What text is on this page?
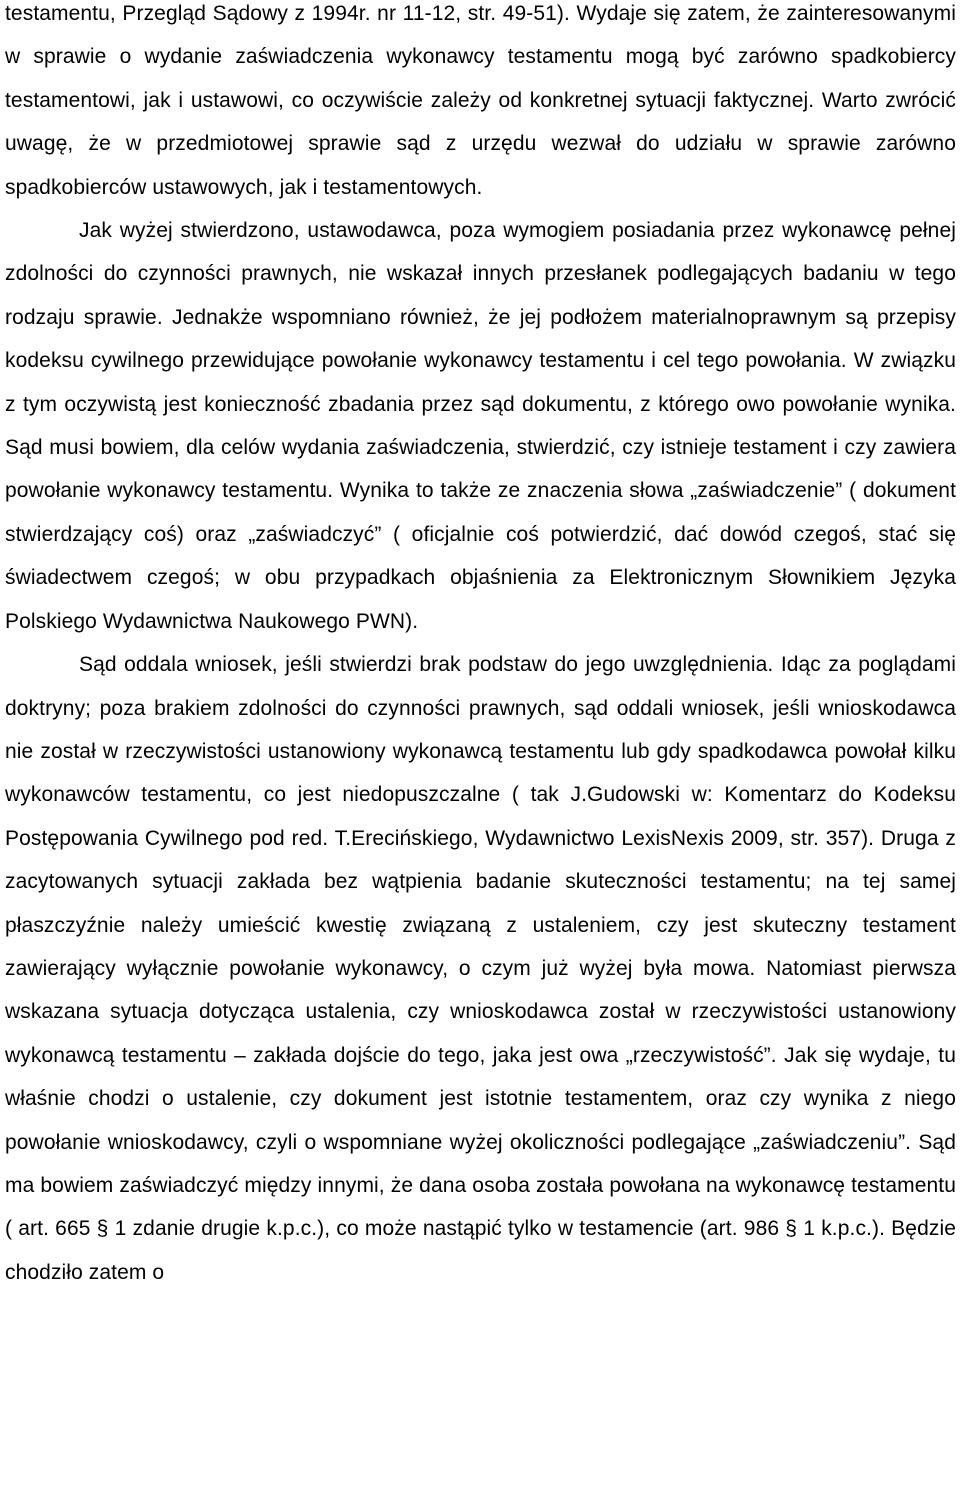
testamentu, Przegląd Sądowy z 1994r. nr 11-12, str. 49-51). Wydaje się zatem, że zainteresowanymi w sprawie o wydanie zaświadczenia wykonawcy testamentu mogą być zarówno spadkobiercy testamentowi, jak i ustawowi, co oczywiście zależy od konkretnej sytuacji faktycznej. Warto zwrócić uwagę, że w przedmiotowej sprawie sąd z urzędu wezwał do udziału w sprawie zarówno spadkobierców ustawowych, jak i testamentowych.

Jak wyżej stwierdzono, ustawodawca, poza wymogiem posiadania przez wykonawcę pełnej zdolności do czynności prawnych, nie wskazał innych przesłanek podlegających badaniu w tego rodzaju sprawie. Jednakże wspomniano również, że jej podłożem materialnoprawnym są przepisy kodeksu cywilnego przewidujące powołanie wykonawcy testamentu i cel tego powołania. W związku z tym oczywistą jest konieczność zbadania przez sąd dokumentu, z którego owo powołanie wynika. Sąd musi bowiem, dla celów wydania zaświadczenia, stwierdzić, czy istnieje testament i czy zawiera powołanie wykonawcy testamentu. Wynika to także ze znaczenia słowa „zaświadczenie” ( dokument stwierdzający coś) oraz „zaświadczyć” ( oficjalnie coś potwierdzić, dać dowód czegoś, stać się świadectwem czegoś; w obu przypadkach objaśnienia za Elektronicznym Słownikiem Języka Polskiego Wydawnictwa Naukowego PWN).

Sąd oddala wniosek, jeśli stwierdzi brak podstaw do jego uwzględnienia. Idąc za poglądami doktryny; poza brakiem zdolności do czynności prawnych, sąd oddali wniosek, jeśli wnioskodawca nie został w rzeczywistości ustanowiony wykonawcą testamentu lub gdy spadkodawca powołał kilku wykonawców testamentu, co jest niedopuszczalne ( tak J.Gudowski w: Komentarz do Kodeksu Postępowania Cywilnego pod red. T.Erecińskiego, Wydawnictwo LexisNexis 2009, str. 357). Druga z zacytowanych sytuacji zakłada bez wątpienia badanie skuteczności testamentu; na tej samej płaszczyźnie należy umieścić kwestię związaną z ustaleniem, czy jest skuteczny testament zawierający wyłącznie powołanie wykonawcy, o czym już wyżej była mowa. Natomiast pierwsza wskazana sytuacja dotycząca ustalenia, czy wnioskodawca został w rzeczywistości ustanowiony wykonawcą testamentu – zakłada dojście do tego, jaka jest owa „rzeczywistość”. Jak się wydaje, tu właśnie chodzi o ustalenie, czy dokument jest istotnie testamentem, oraz czy wynika z niego powołanie wnioskodawcy, czyli o wspomniane wyżej okoliczności podlegające „zaświadczeniu”. Sąd ma bowiem zaświadczyć między innymi, że dana osoba została powołana na wykonawcę testamentu ( art. 665 § 1 zdanie drugie k.p.c.), co może nastąpić tylko w testamencie (art. 986 § 1 k.p.c.). Będzie chodziło zatem o
